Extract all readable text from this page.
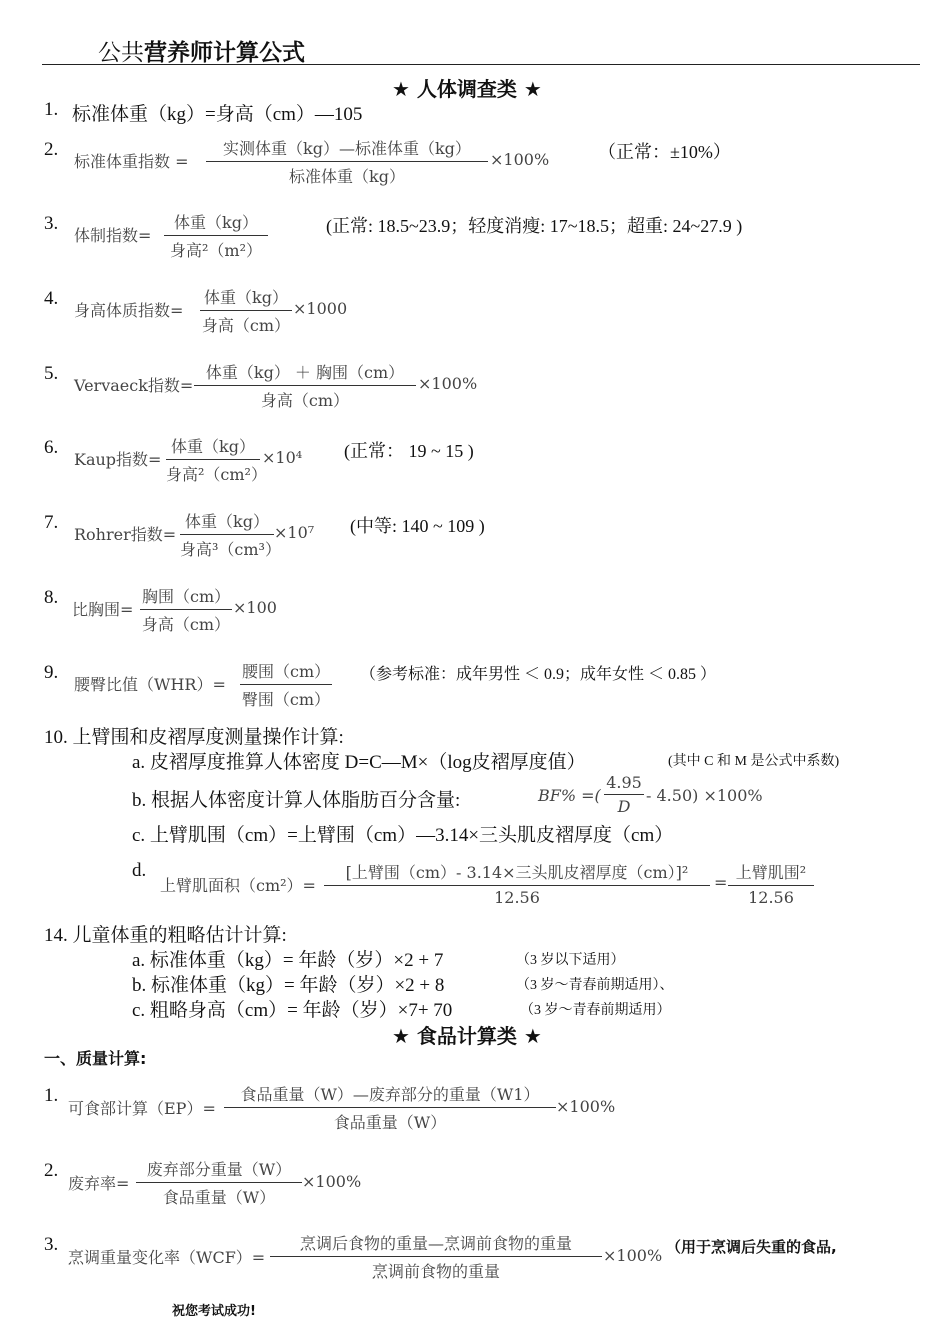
公共营养师计算公式
★ 人体调查类 ★
1. 标准体重（kg）=身高（cm）—105
2.
标准体重指数 =
实测体重（kg）—标准体重（kg）
标准体重（kg）
×100%	（正常：±10%）
3.
体制指数=
体重（kg）
身高²（m²）
(正常: 18.5~23.9；轻度消瘦: 17~18.5；超重: 24~27.9 )
4.
身高体质指数=
体重（kg）
身高（cm）
×1000
5.
Vervaeck指数=
体重（kg） ＋ 胸围（cm）
身高（cm）
×100%
6.
Kaup指数=
体重（kg）
身高²（cm²）
×10⁴ (正常： 19 ~ 15 )
7.
Rohrer指数=
体重（kg）
身高³（cm³）
×10⁷ (中等: 140 ~ 109 )
8.
比胸围=
胸围（cm）
身高（cm）
×100
9.
腰臀比值（WHR）=
腰围（cm）
臀围（cm）
（参考标准：成年男性 ＜ 0.9；成年女性 ＜ 0.85 ）
10. 上臂围和皮褶厚度测量操作计算:
a. 皮褶厚度推算人体密度 D=C—M×（log皮褶厚度值）	(其中 C 和 M 是公式中系数)
b. 根据人体密度计算人体脂肪百分含量:	BF% =(
4.95
D
- 4.50) ×100%
c. 上臂肌围（cm）=上臂围（cm）—3.14×三头肌皮褶厚度（cm）
d.
上臂肌面积（cm²）=
[上臂围（cm）- 3.14×三头肌皮褶厚度（cm）]²
12.56
=
上臂肌围²
12.56
14. 儿童体重的粗略估计计算:
a. 标准体重（kg）= 年龄（岁）×2 + 7	（3 岁以下适用）
b. 标准体重（kg）= 年龄（岁）×2 + 8	（3 岁～青春前期适用）、
c. 粗略身高（cm）= 年龄（岁）×7+ 70	（3 岁～青春前期适用）
★ 食品计算类 ★
一、质量计算:
1.
可食部计算（EP）=
食品重量（W）—废弃部分的重量（W1）
食品重量（W）
×100%
2.
废弃率=
废弃部分重量（W）
食品重量（W）
×100%
3.
烹调重量变化率（WCF）=
烹调后食物的重量—烹调前食物的重量
烹调前食物的重量
×100% （用于烹调后失重的食品,
祝您考试成功!
